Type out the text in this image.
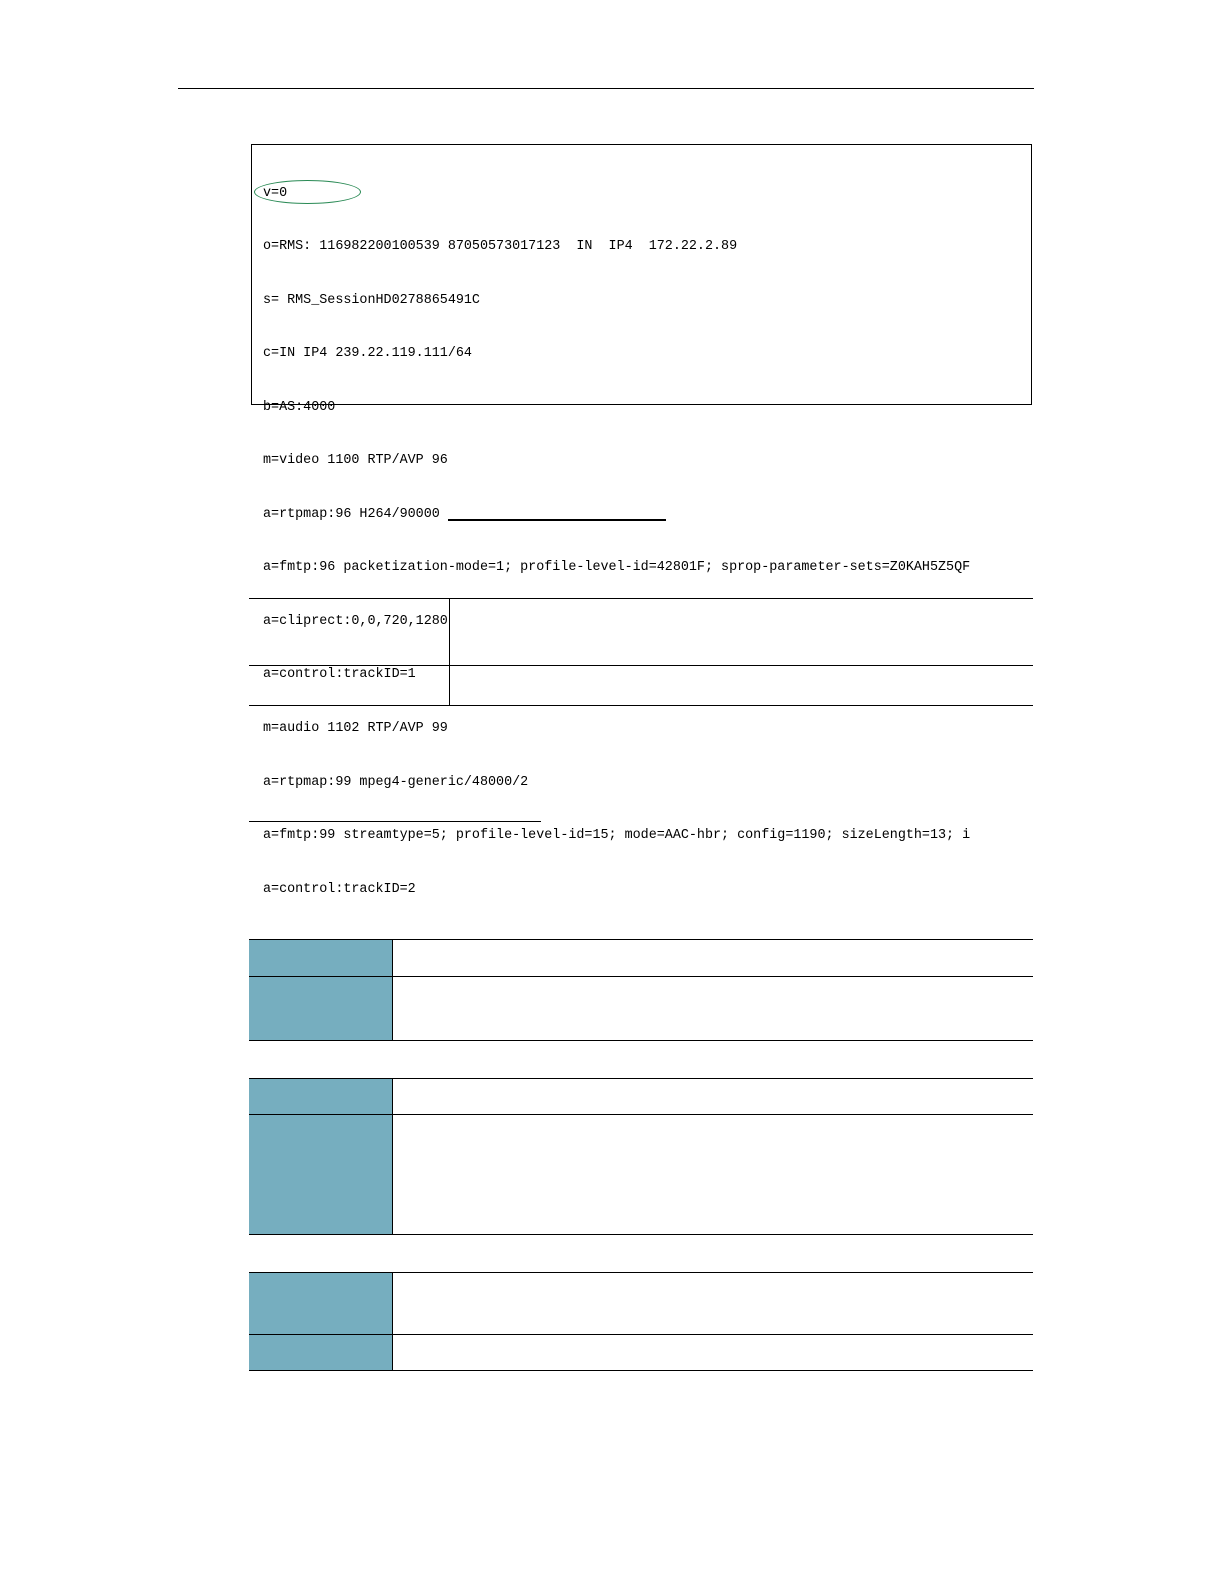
v=0

o=RMS: 116982200100539 87050573017123  IN  IP4  172.22.2.89

s= RMS_SessionHD0278865491C

c=IN IP4 239.22.119.111/64

b=AS:4000

m=video 1100 RTP/AVP 96

a=rtpmap:96 H264/90000

a=fmtp:96 packetization-mode=1; profile-level-id=42801F; sprop-parameter-sets=Z0KAH5Z5QF

a=cliprect:0,0,720,1280

a=control:trackID=1

m=audio 1102 RTP/AVP 99

a=rtpmap:99 mpeg4-generic/48000/2

a=fmtp:99 streamtype=5; profile-level-id=15; mode=AAC-hbr; config=1190; sizeLength=13; i

a=control:trackID=2
